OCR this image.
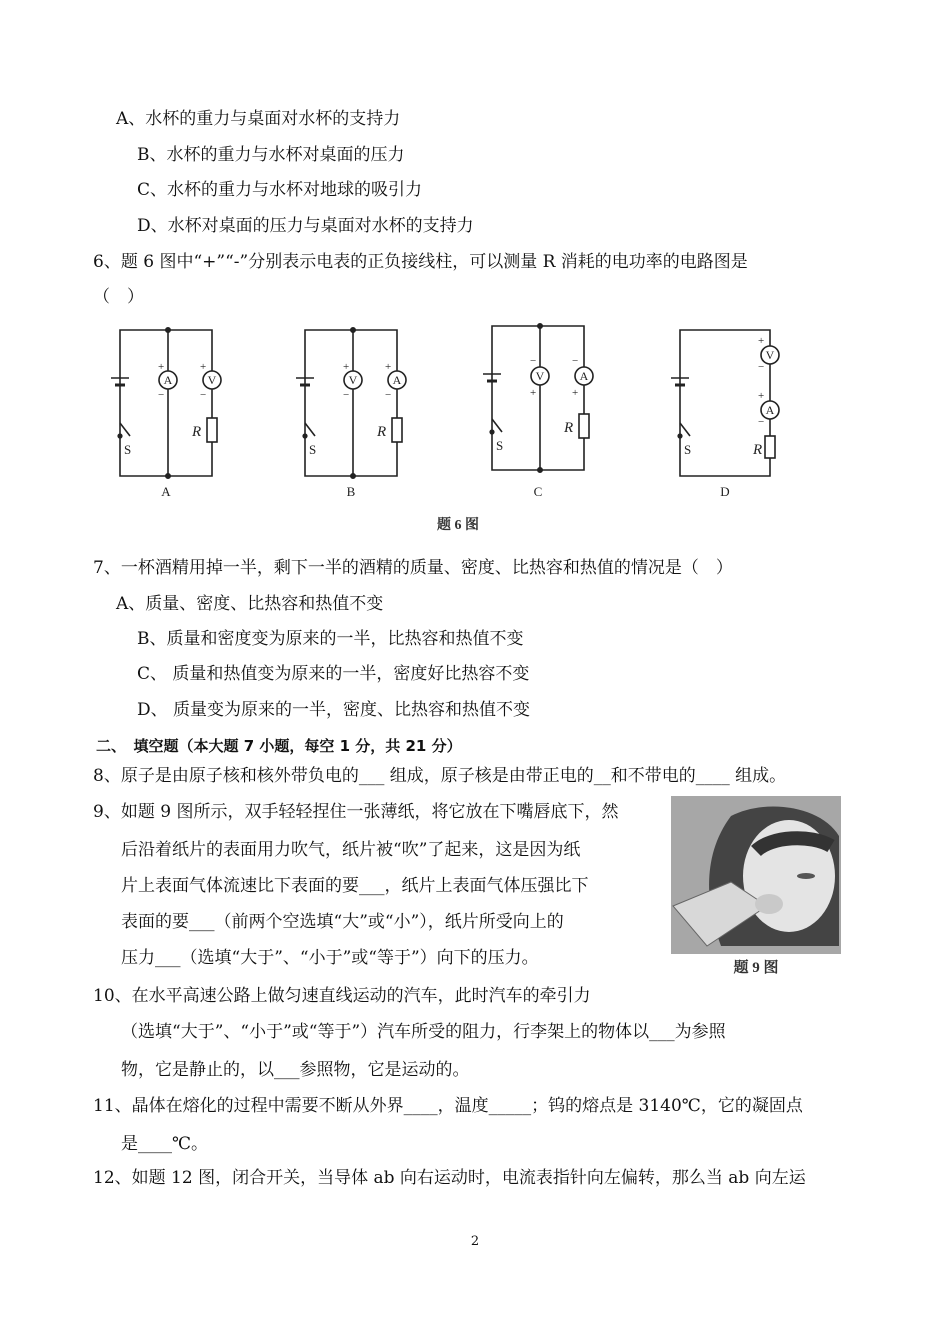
A、水杯的重力与桌面对水杯的支持力
B、水杯的重力与水杯对桌面的压力
C、水杯的重力与水杯对地球的吸引力
D、水杯对桌面的压力与桌面对水杯的支持力
6、题 6 图中“+”“-”分别表示电表的正负接线柱，可以测量 R 消耗的电功率的电路图是
（　）
A	V	V	A	V	A
V
A
R	R	R
R
S	S	S	S
+
−
+
−
+
−
+
−
−
+
−
+
+
−
+
−
A	B	C	D
题 6 图
7、一杯酒精用掉一半，剩下一半的酒精的质量、密度、比热容和热值的情况是（　）
A、质量、密度、比热容和热值不变
B、质量和密度变为原来的一半，比热容和热值不变
C、 质量和热值变为原来的一半，密度好比热容不变
D、 质量变为原来的一半，密度、比热容和热值不变
二、　填空题（本大题 7 小题，每空 1 分，共 21 分）
8、原子是由原子核和核外带负电的___ 组成，原子核是由带正电的__和不带电的____ 组成。
9、如题 9 图所示，双手轻轻捏住一张薄纸，将它放在下嘴唇底下，然
后沿着纸片的表面用力吹气，纸片被“吹”了起来，这是因为纸
片上表面气体流速比下表面的要___，纸片上表面气体压强比下
表面的要___（前两个空选填“大”或“小”），纸片所受向上的
压力___（选填“大于”、“小于”或“等于”）向下的压力。	题 9 图
10、在水平高速公路上做匀速直线运动的汽车，此时汽车的牵引力
（选填“大于”、“小于”或“等于”）汽车所受的阻力，行李架上的物体以___为参照
物，它是静止的，以___参照物，它是运动的。
11、晶体在熔化的过程中需要不断从外界____，温度_____；钨的熔点是 3140℃，它的凝固点
是____℃。
12、如题 12 图，闭合开关，当导体 ab 向右运动时，电流表指针向左偏转，那么当 ab 向左运
2
